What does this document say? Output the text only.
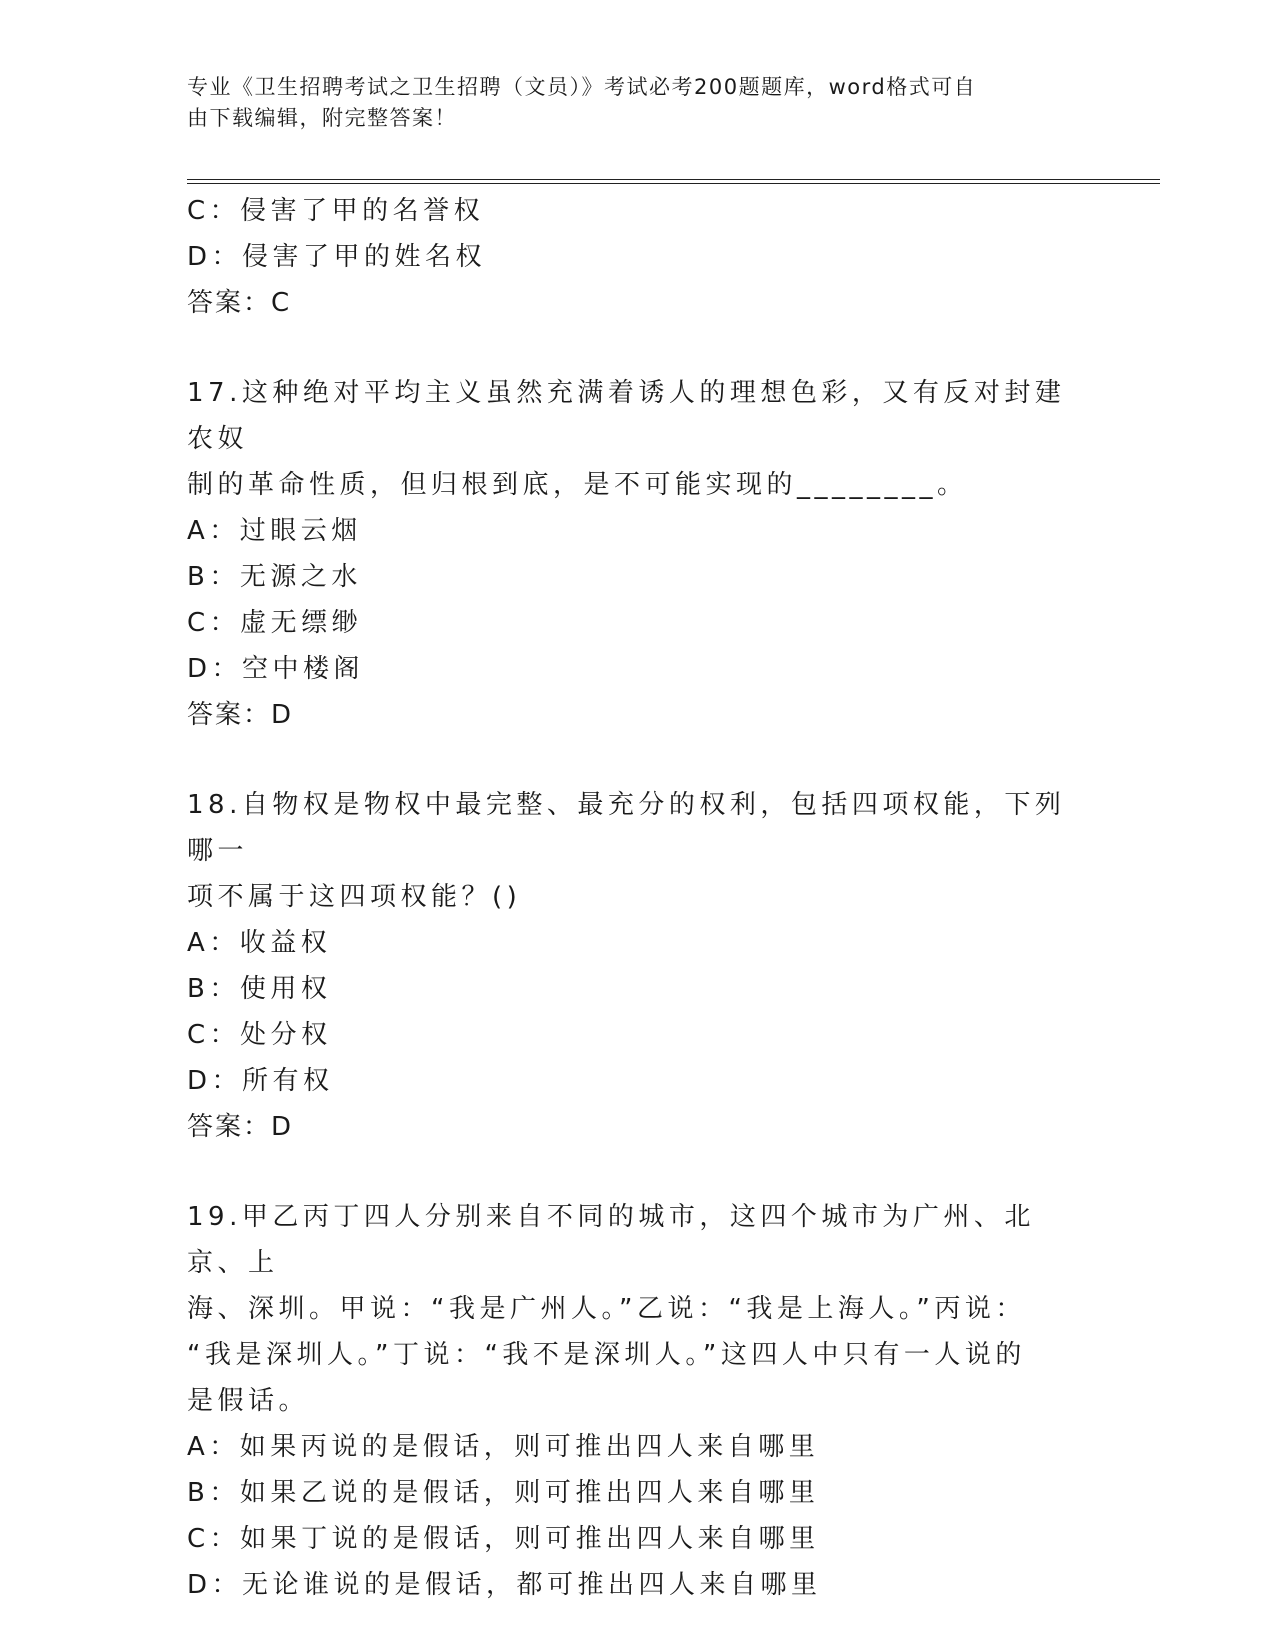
专业《卫生招聘考试之卫生招聘（文员）》考试必考200题题库，word格式可自
由下载编辑，附完整答案！
C：侵害了甲的名誉权
D：侵害了甲的姓名权
答案：C
17.这种绝对平均主义虽然充满着诱人的理想色彩，又有反对封建农奴
制的革命性质，但归根到底，是不可能实现的________。
A：过眼云烟
B：无源之水
C：虚无缥缈
D：空中楼阁
答案：D
18.自物权是物权中最完整、最充分的权利，包括四项权能，下列哪一
项不属于这四项权能？()
A：收益权
B：使用权
C：处分权
D：所有权
答案：D
19.甲乙丙丁四人分别来自不同的城市，这四个城市为广州、北京、上
海、深圳。甲说：“我是广州人。”乙说：“我是上海人。”丙说：
“我是深圳人。”丁说：“我不是深圳人。”这四人中只有一人说的
是假话。
A：如果丙说的是假话，则可推出四人来自哪里
B：如果乙说的是假话，则可推出四人来自哪里
C：如果丁说的是假话，则可推出四人来自哪里
D：无论谁说的是假话，都可推出四人来自哪里
